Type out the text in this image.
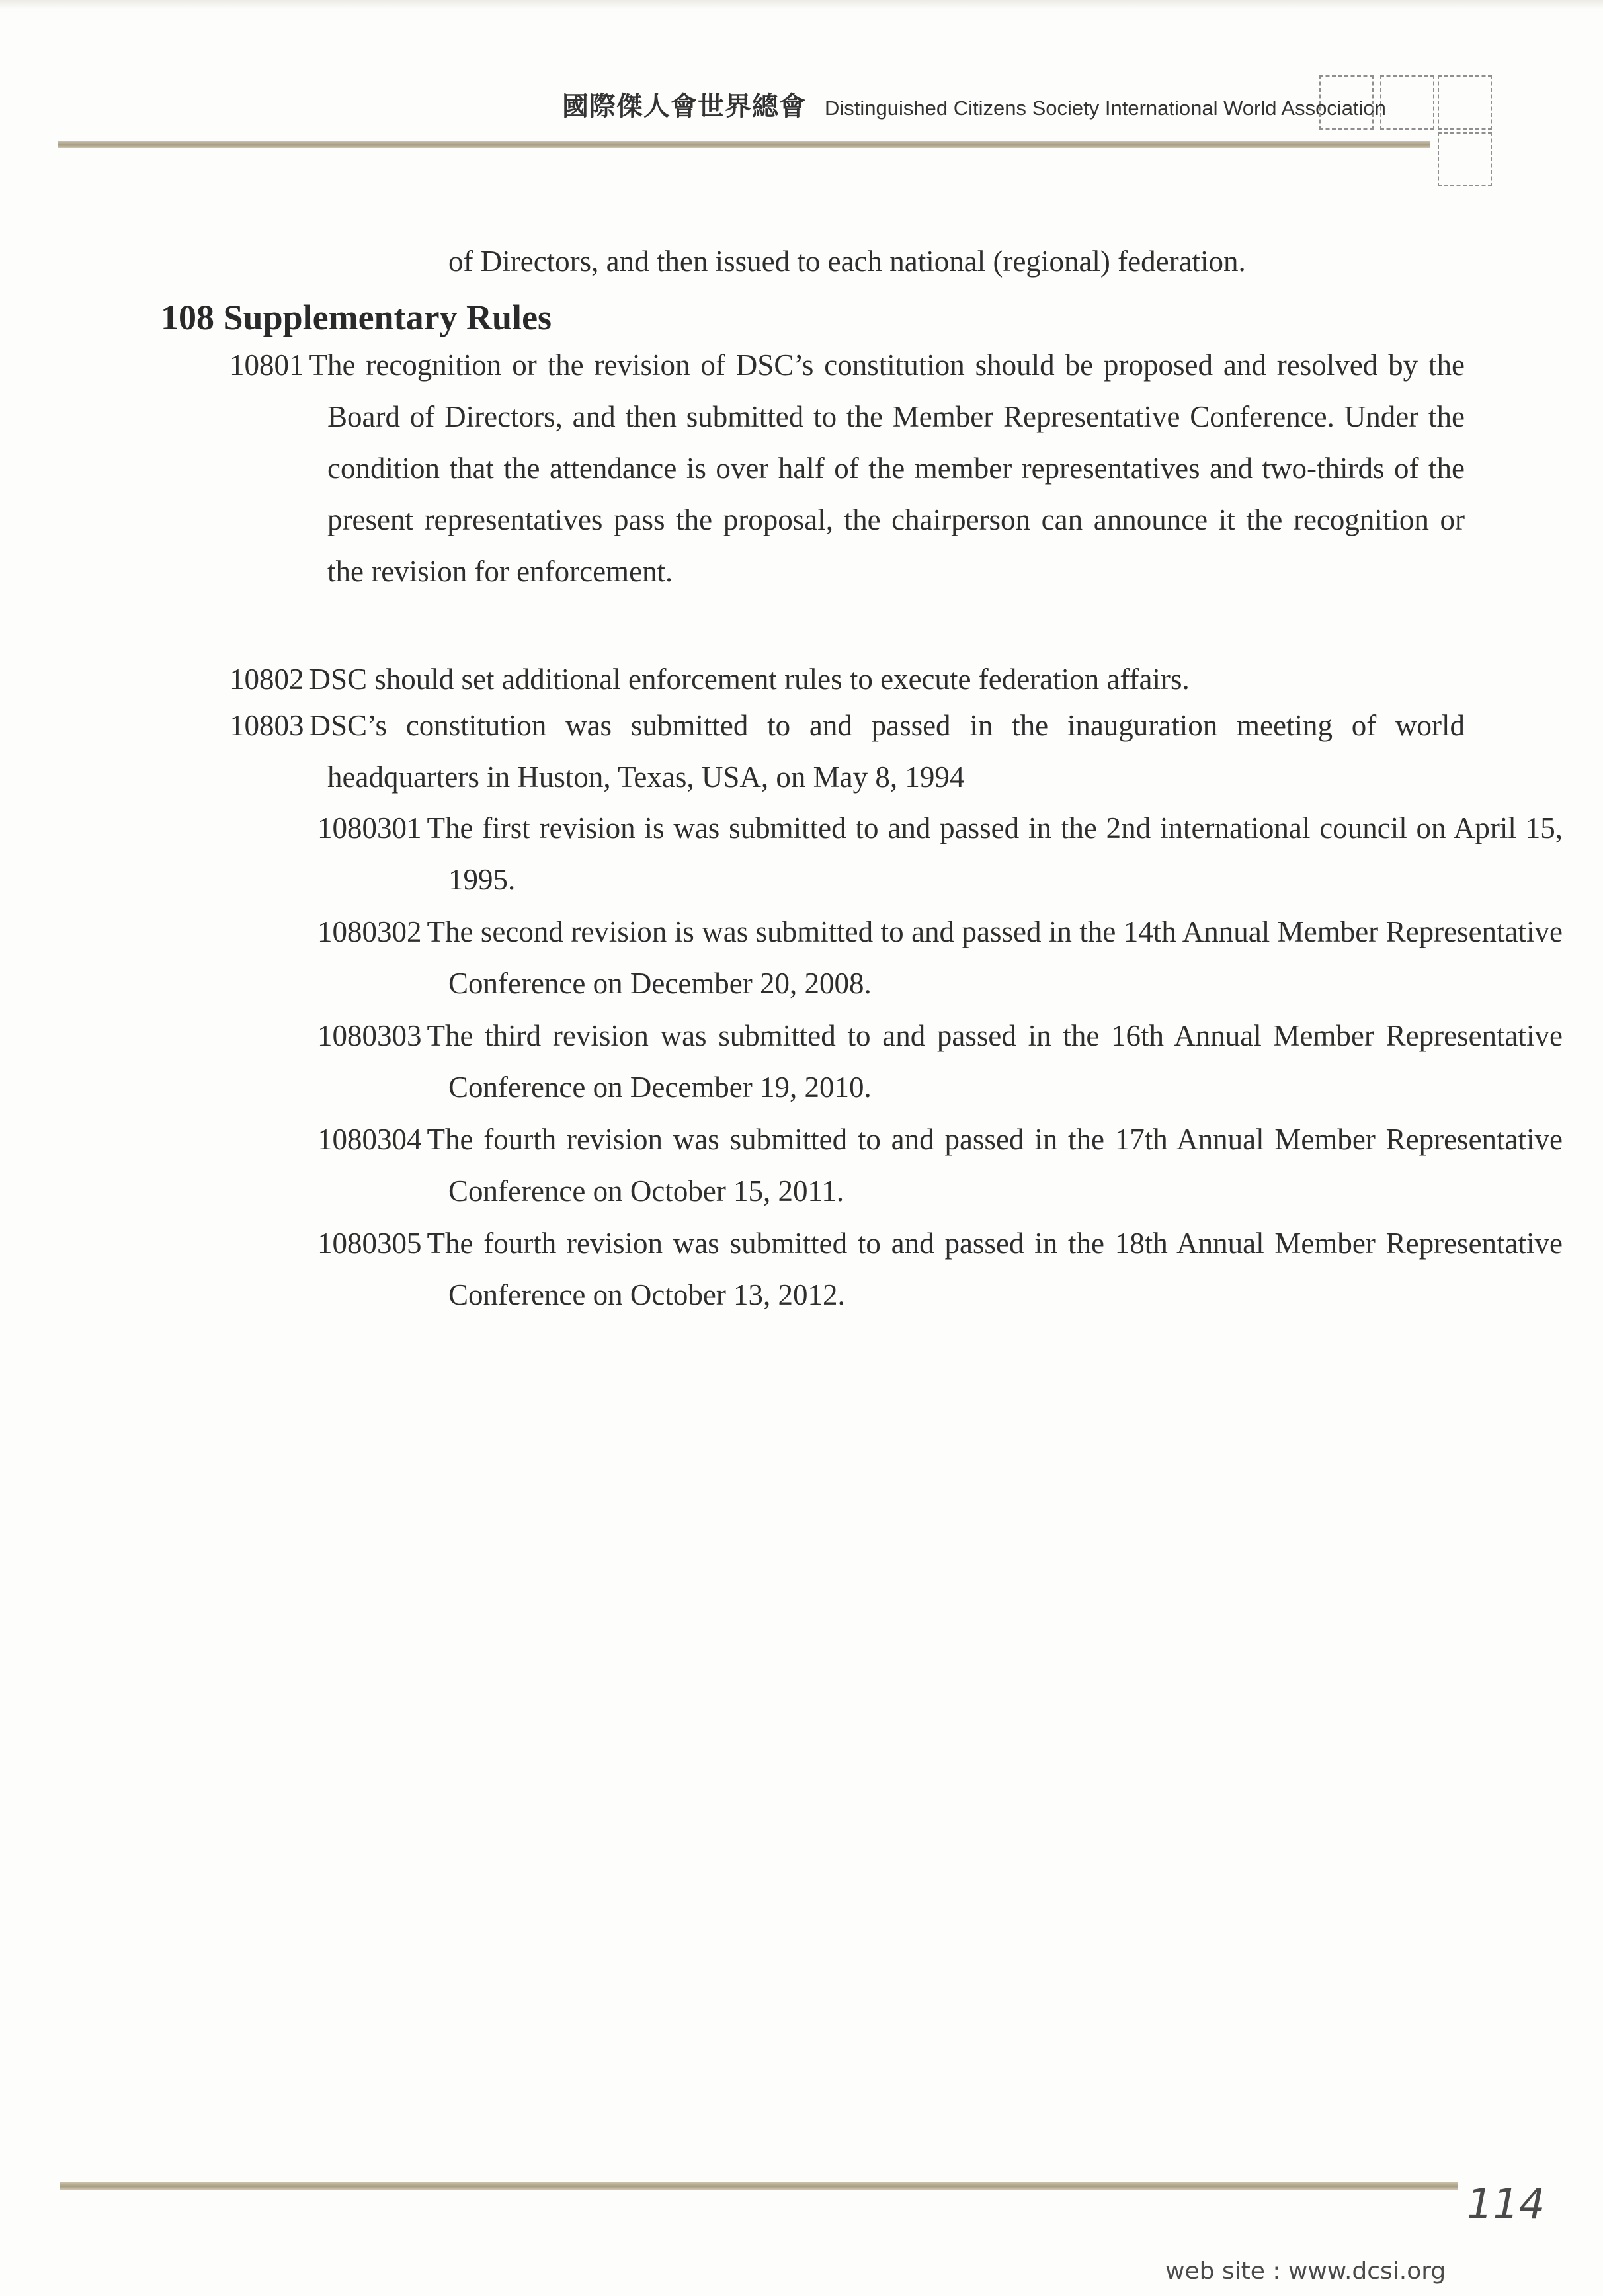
國際傑人會世界總會 Distinguished Citizens Society International World Association
of Directors, and then issued to each national (regional) federation.
108 Supplementary Rules
10801 The recognition or the revision of DSC’s constitution should be proposed and resolved by the Board of Directors, and then submitted to the Member Representative Conference. Under the condition that the attendance is over half of the member representatives and two-thirds of the present representatives pass the proposal, the chairperson can announce it the recognition or the revision for enforcement.
10802 DSC should set additional enforcement rules to execute federation affairs.
10803 DSC’s constitution was submitted to and passed in the inauguration meeting of world headquarters in Huston, Texas, USA, on May 8, 1994
1080301 The first revision is was submitted to and passed in the 2nd international council on April 15, 1995.
1080302 The second revision is was submitted to and passed in the 14th Annual Member Representative Conference on December 20, 2008.
1080303 The third revision was submitted to and passed in the 16th Annual Member Representative Conference on December 19, 2010.
1080304 The fourth revision was submitted to and passed in the 17th Annual Member Representative Conference on October 15, 2011.
1080305 The fourth revision was submitted to and passed in the 18th Annual Member Representative Conference on October 13, 2012.
114
web site : www.dcsi.org
